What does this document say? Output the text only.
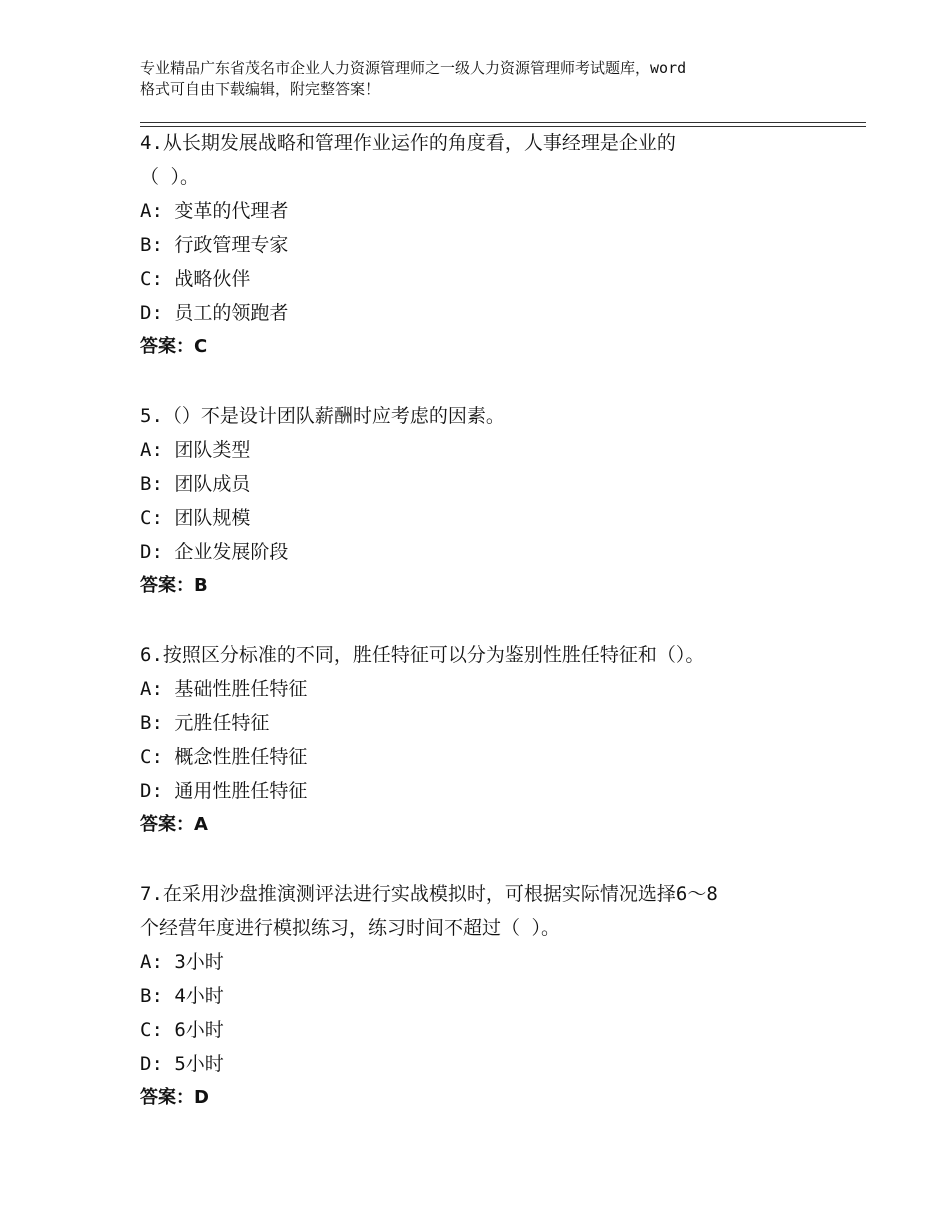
专业精品广东省茂名市企业人力资源管理师之一级人力资源管理师考试题库，word
格式可自由下载编辑，附完整答案！
4.从长期发展战略和管理作业运作的角度看，人事经理是企业的
（ ）。
A: 变革的代理者
B: 行政管理专家
C: 战略伙伴
D: 员工的领跑者
答案：C
5.（）不是设计团队薪酬时应考虑的因素。
A: 团队类型
B: 团队成员
C: 团队规模
D: 企业发展阶段
答案：B
6.按照区分标准的不同，胜任特征可以分为鉴别性胜任特征和（）。
A: 基础性胜任特征
B: 元胜任特征
C: 概念性胜任特征
D: 通用性胜任特征
答案：A
7.在采用沙盘推演测评法进行实战模拟时，可根据实际情况选择6～8
个经营年度进行模拟练习，练习时间不超过（ ）。
A: 3小时
B: 4小时
C: 6小时
D: 5小时
答案：D
